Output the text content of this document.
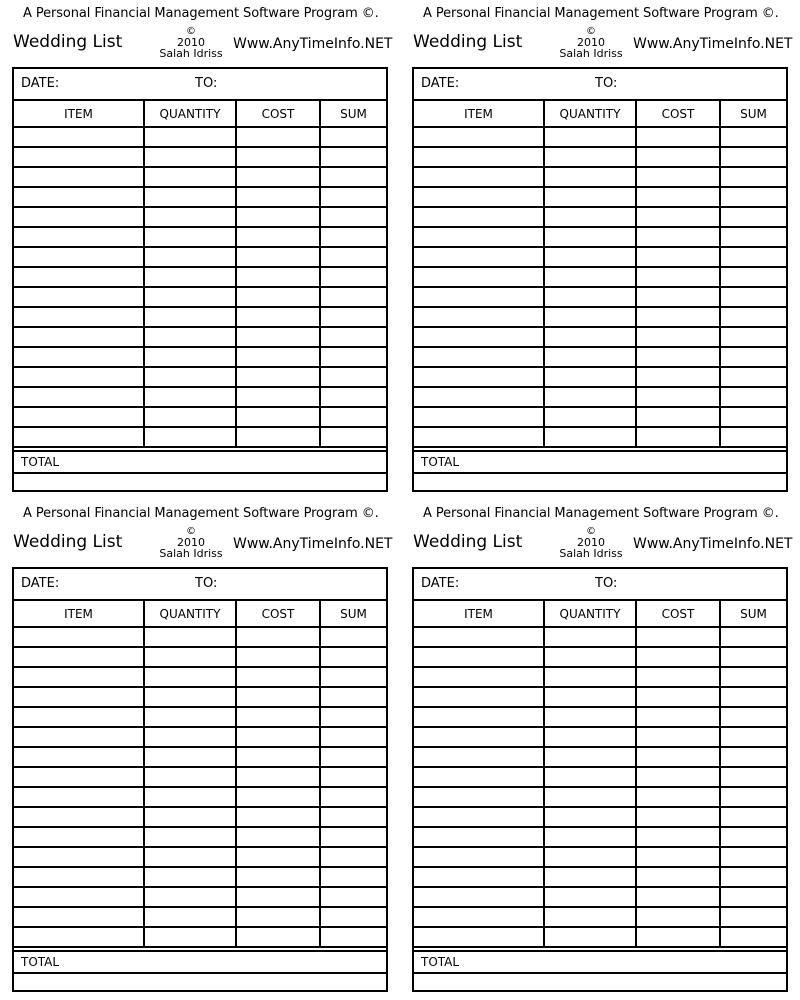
A Personal Financial Management Software Program ©.
Wedding List
©
2010
Salah Idriss
Www.AnyTimeInfo.NET
DATE:	TO:
ITEM	QUANTITY	COST	SUM

TOTAL
A Personal Financial Management Software Program ©.
Wedding List
©
2010
Salah Idriss
Www.AnyTimeInfo.NET
DATE:	TO:
ITEM	QUANTITY	COST	SUM

TOTAL
A Personal Financial Management Software Program ©.
Wedding List
©
2010
Salah Idriss
Www.AnyTimeInfo.NET
DATE:	TO:
ITEM	QUANTITY	COST	SUM

TOTAL
A Personal Financial Management Software Program ©.
Wedding List
©
2010
Salah Idriss
Www.AnyTimeInfo.NET
DATE:	TO:
ITEM	QUANTITY	COST	SUM

TOTAL
